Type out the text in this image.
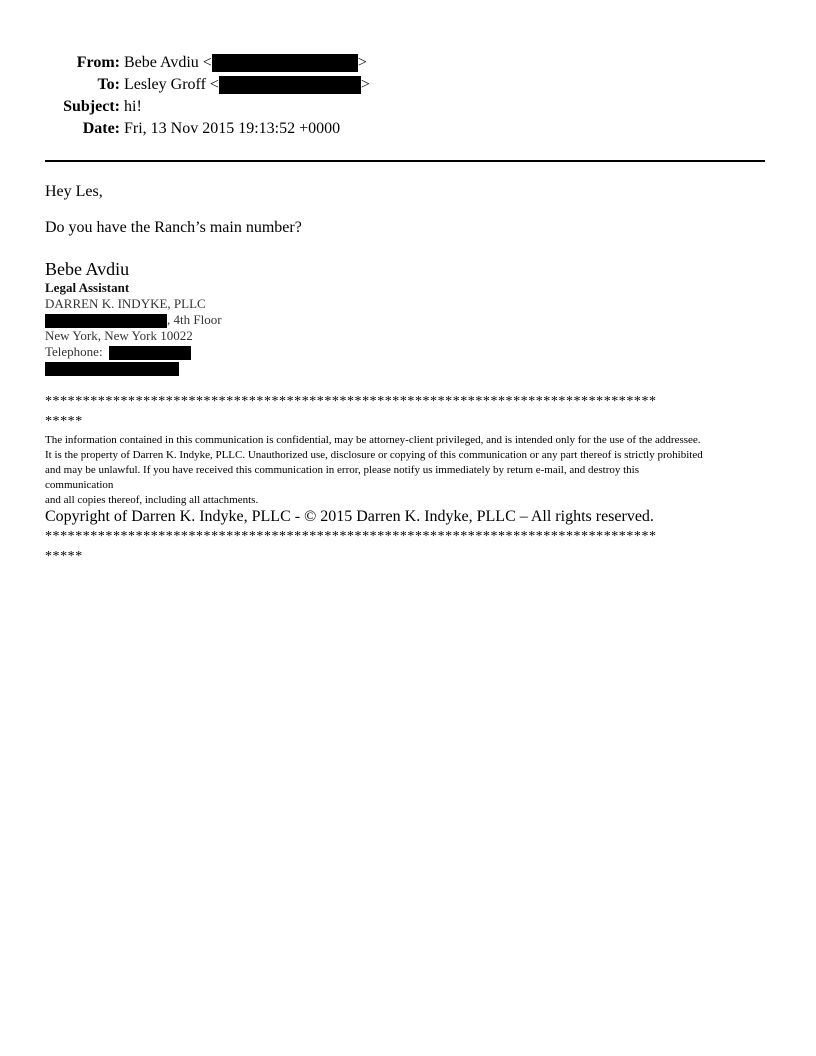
From: Bebe Avdiu <	>
To: Lesley Groff <	>
Subject: hi!
Date: Fri, 13 Nov 2015 19:13:52 +0000
Hey Les,
Do you have the Ranch’s main number?
Bebe Avdiu
Legal Assistant
DARREN K. INDYKE, PLLC
, 4th Floor
New York, New York 10022
Telephone:
*********************************************************************************
*****
The information contained in this communication is confidential, may be attorney-client privileged, and is intended only for the use of the addressee.
It is the property of Darren K. Indyke, PLLC. Unauthorized use, disclosure or copying of this communication or any part thereof is strictly prohibited
and may be unlawful. If you have received this communication in error, please notify us immediately by return e-mail, and destroy this
communication
and all copies thereof, including all attachments.
Copyright of Darren K. Indyke, PLLC - © 2015 Darren K. Indyke, PLLC – All rights reserved.
*********************************************************************************
*****
